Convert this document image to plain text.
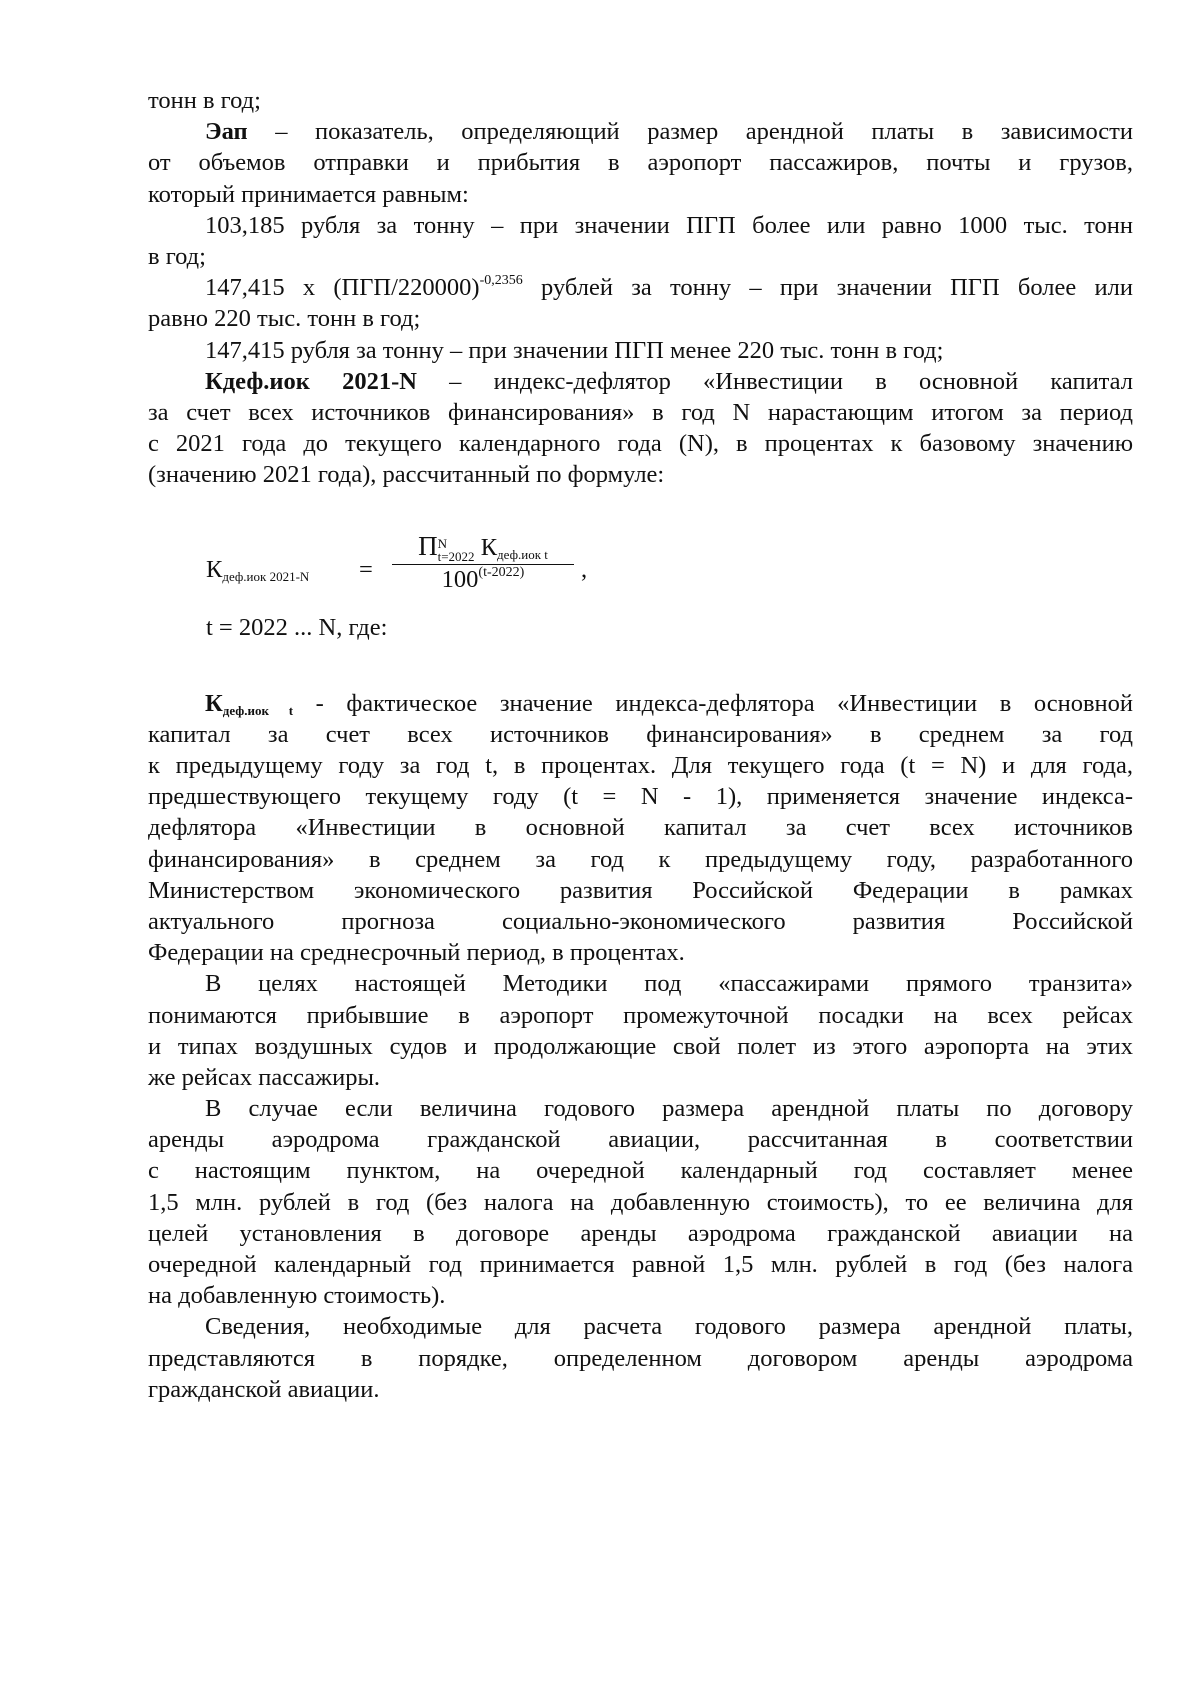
тонн в год;
Эап – показатель, определяющий размер арендной платы в зависимости
от объемов отправки и прибытия в аэропорт пассажиров, почты и грузов,
который принимается равным:
103,185 рубля за тонну – при значении ПГП более или равно 1000 тыс. тонн
в год;
147,415 x $(ПГП/220000)^{-0,2356}$ рублей за тонну – при значении ПГП более или
равно 220 тыс. тонн в год;
147,415 рубля за тонну – при значении ПГП менее 220 тыс. тонн в год;
Кдеф.иок 2021-N – индекс-дефлятор «Инвестиции в основной капитал
за счет всех источников финансирования» в год N нарастающим итогом за период
с 2021 года до текущего календарного года (N), в процентах к базовому значению
(значению 2021 года), рассчитанный по формуле:
Кдеф.иок 2021-N =
П N
t=2022 Кдеф.иок t
$100^{(t-2022)}$	,
t = 2022 ... N, где:
Кдеф.иок t - фактическое значение индекса-дефлятора «Инвестиции в основной
капитал за счет всех источников финансирования» в среднем за год
к предыдущему году за год t, в процентах. Для текущего года (t = N) и для года,
предшествующего текущему году (t = N - 1), применяется значение индекса-
дефлятора «Инвестиции в основной капитал за счет всех источников
финансирования» в среднем за год к предыдущему году, разработанного
Министерством экономического развития Российской Федерации в рамках
актуального прогноза социально-экономического развития Российской
Федерации на среднесрочный период, в процентах.
В целях настоящей Методики под «пассажирами прямого транзита»
понимаются прибывшие в аэропорт промежуточной посадки на всех рейсах
и типах воздушных судов и продолжающие свой полет из этого аэропорта на этих
же рейсах пассажиры.
В случае если величина годового размера арендной платы по договору
аренды аэродрома гражданской авиации, рассчитанная в соответствии
с настоящим пунктом, на очередной календарный год составляет менее
1,5 млн. рублей в год (без налога на добавленную стоимость), то ее величина для
целей установления в договоре аренды аэродрома гражданской авиации на
очередной календарный год принимается равной 1,5 млн. рублей в год (без налога
на добавленную стоимость).
Сведения, необходимые для расчета годового размера арендной платы,
представляются в порядке, определенном договором аренды аэродрома
гражданской авиации.
